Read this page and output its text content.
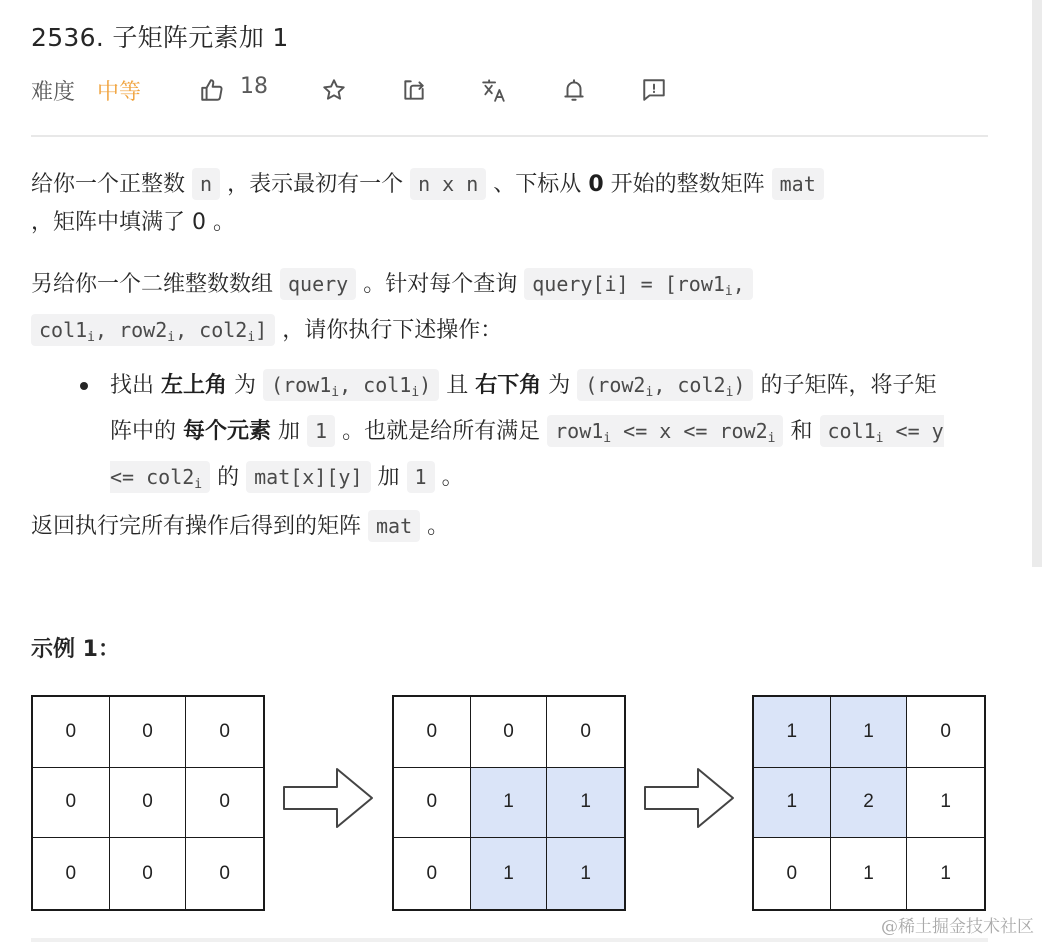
2536. 子矩阵元素加 1
难度 中等	18
给你一个正整数 n ，表示最初有一个 n x n 、下标从 0 开始的整数矩阵 mat
，矩阵中填满了 0 。
另给你一个二维整数数组 query 。针对每个查询 query[i] = [$row1_i$,
$col1_i$, $row2_i$, $col2_i$] ，请你执行下述操作：
找出 左上角 为 ($row1_i$, $col1_i$) 且 右下角 为 ($row2_i$, $col2_i$) 的子矩阵，将子矩阵中的 每个元素 加 1 。也就是给所有满足 $row1_i <= x <= row2_i$ 和 $col1_i <= y <= col2_i$ 的 mat[x][y] 加 1 。
返回执行完所有操作后得到的矩阵 mat 。
示例 1：
0	0	0
0	0	0
0	0	0
0	0	0
0	1	1
0	1	1
1	1	0
1	2	1
0	1	1
@稀土掘金技术社区
